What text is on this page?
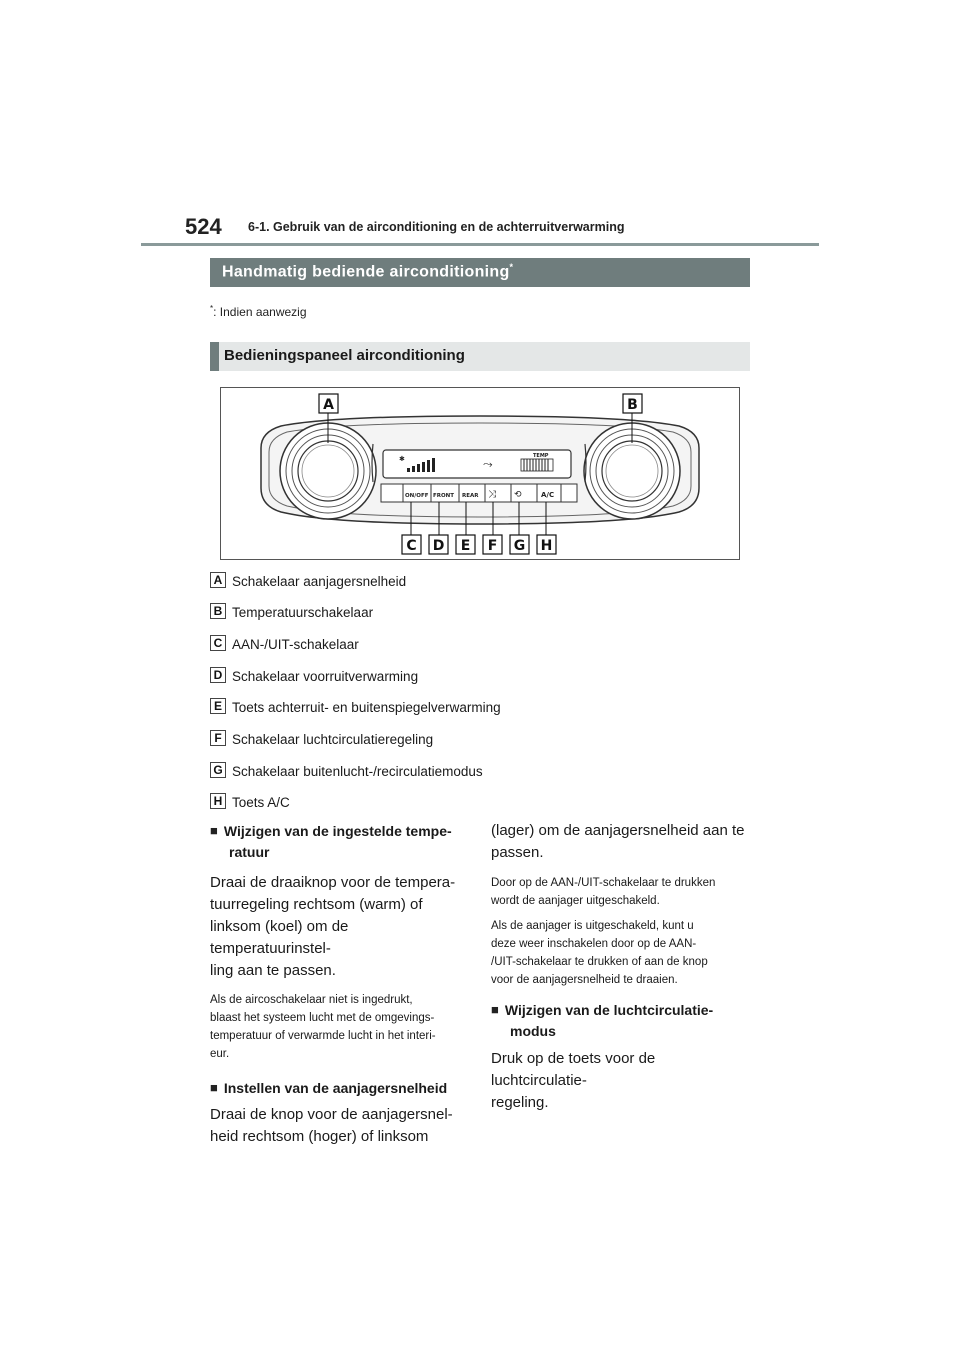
524 6-1. Gebruik van de airconditioning en de achterruitverwarming
Handmatig bediende airconditioning*
*: Indien aanwezig
Bedieningspaneel airconditioning
✱	⤳
TEMP
ON/OFF FRONT REAR ⤨ ⟲	A/C
A	B
C D E F G H
A Schakelaar aanjagersnelheid
B Temperatuurschakelaar
C AAN-/UIT-schakelaar
D Schakelaar voorruitverwarming
E Toets achterruit- en buitenspiegelverwarming
F Schakelaar luchtcirculatieregeling
G Schakelaar buitenlucht-/recirculatiemodus
H Toets A/C

■ Wijzigen van de ingestelde tempe-

ratuur

Draai de draaiknop voor de tempera-

tuurregeling rechtsom (warm) of

linksom (koel) om de temperatuurinstel-

ling aan te passen.

Als de aircoschakelaar niet is ingedrukt,

blaast het systeem lucht met de omgevings-

temperatuur of verwarmde lucht in het interi-

eur.

■ Instellen van de aanjagersnelheid

Draai de knop voor de aanjagersnel-

heid rechtsom (hoger) of linksom

(lager) om de aanjagersnelheid aan te

passen.

Door op de AAN-/UIT-schakelaar te drukken

wordt de aanjager uitgeschakeld.

Als de aanjager is uitgeschakeld, kunt u

deze weer inschakelen door op de AAN-

/UIT-schakelaar te drukken of aan de knop

voor de aanjagersnelheid te draaien.

■ Wijzigen van de luchtcirculatie-

modus

Druk op de toets voor de luchtcirculatie-

regeling.
